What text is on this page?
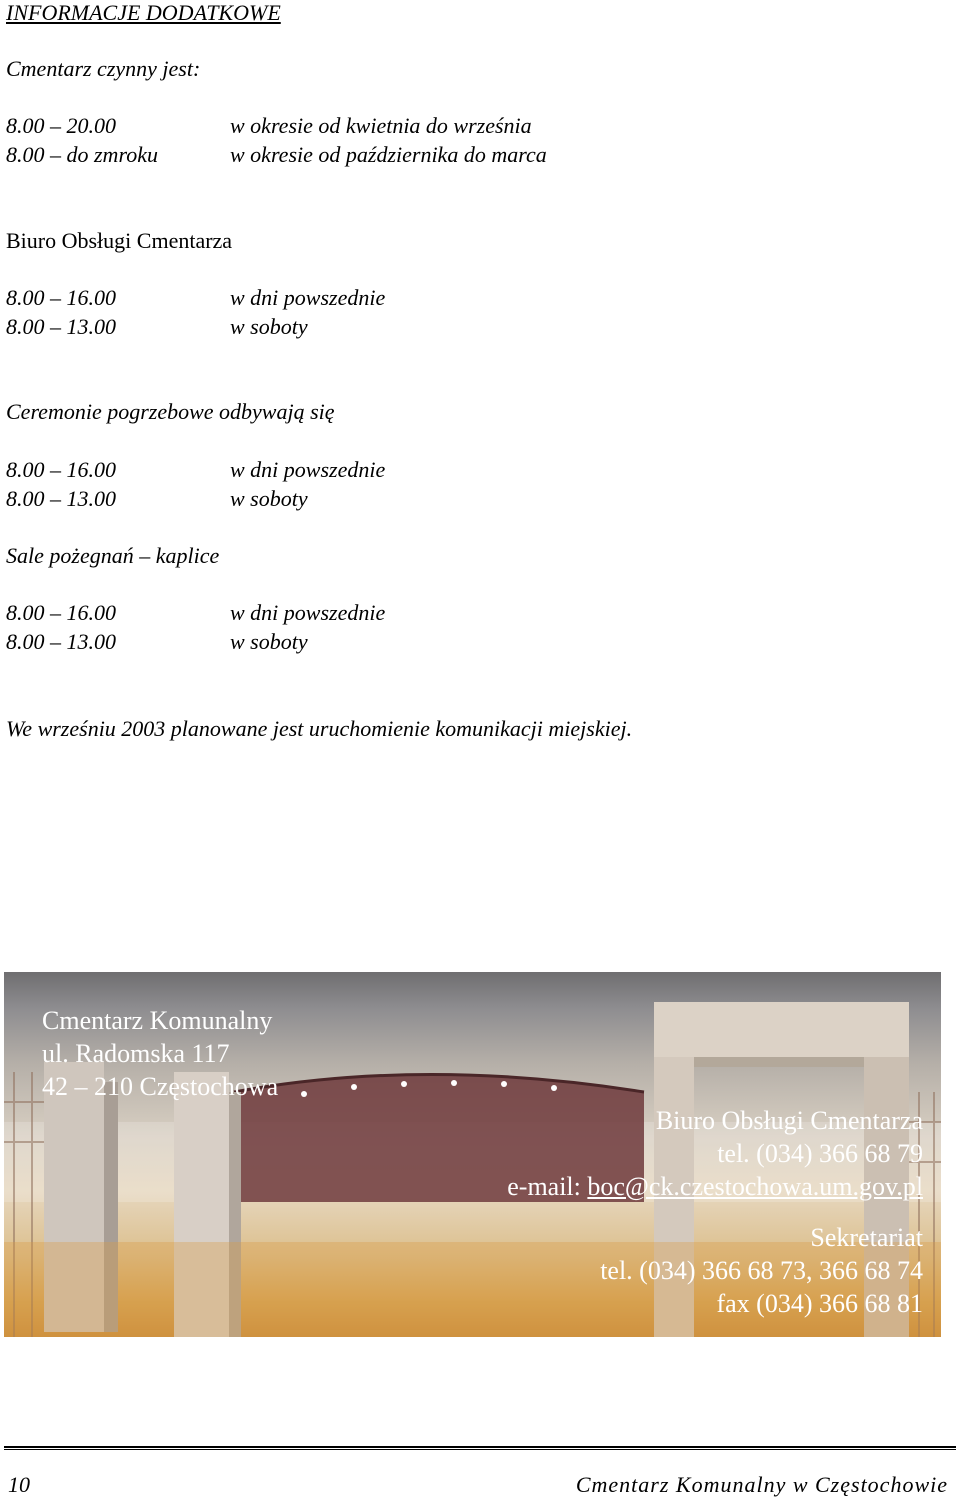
INFORMACJE DODATKOWE
Cmentarz czynny jest:
8.00 – 20.00	w okresie od kwietnia do września
8.00 – do zmroku	w okresie od października do marca
Biuro Obsługi Cmentarza
8.00 – 16.00	w dni powszednie
8.00 – 13.00	w soboty
Ceremonie pogrzebowe odbywają się
8.00 – 16.00	w dni powszednie
8.00 – 13.00	w soboty
Sale pożegnań – kaplice
8.00 – 16.00	w dni powszednie
8.00 – 13.00	w soboty
We wrześniu 2003 planowane jest uruchomienie komunikacji miejskiej.
Cmentarz Komunalny
ul. Radomska 117
42 – 210 Częstochowa
Biuro Obsługi Cmentarza
tel. (034) 366 68 79
e-mail: boc@ck.czestochowa.um.gov.pl
Sekretariat
tel. (034) 366 68 73, 366 68 74
fax (034) 366 68 81
10	Cmentarz Komunalny w Częstochowie
